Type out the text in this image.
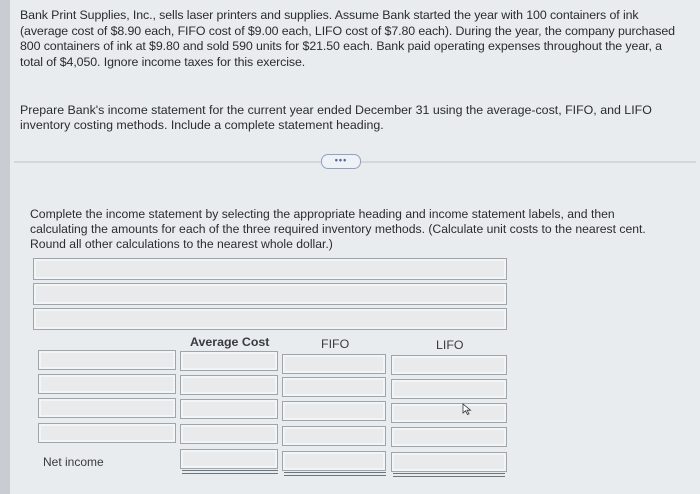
Bank Print Supplies, Inc., sells laser printers and supplies. Assume Bank started the year with 100 containers of ink (average cost of $8.90 each, FIFO cost of $9.00 each, LIFO cost of $7.80 each). During the year, the company purchased 800 containers of ink at $9.80 and sold 590 units for $21.50 each. Bank paid operating expenses throughout the year, a total of $4,050. Ignore income taxes for this exercise.
Prepare Bank's income statement for the current year ended December 31 using the average-cost, FIFO, and LIFO inventory costing methods. Include a complete statement heading.
•••
Complete the income statement by selecting the appropriate heading and income statement labels, and then calculating the amounts for each of the three required inventory methods. (Calculate unit costs to the nearest cent. Round all other calculations to the nearest whole dollar.)
Average Cost	FIFO	LIFO
Net income
